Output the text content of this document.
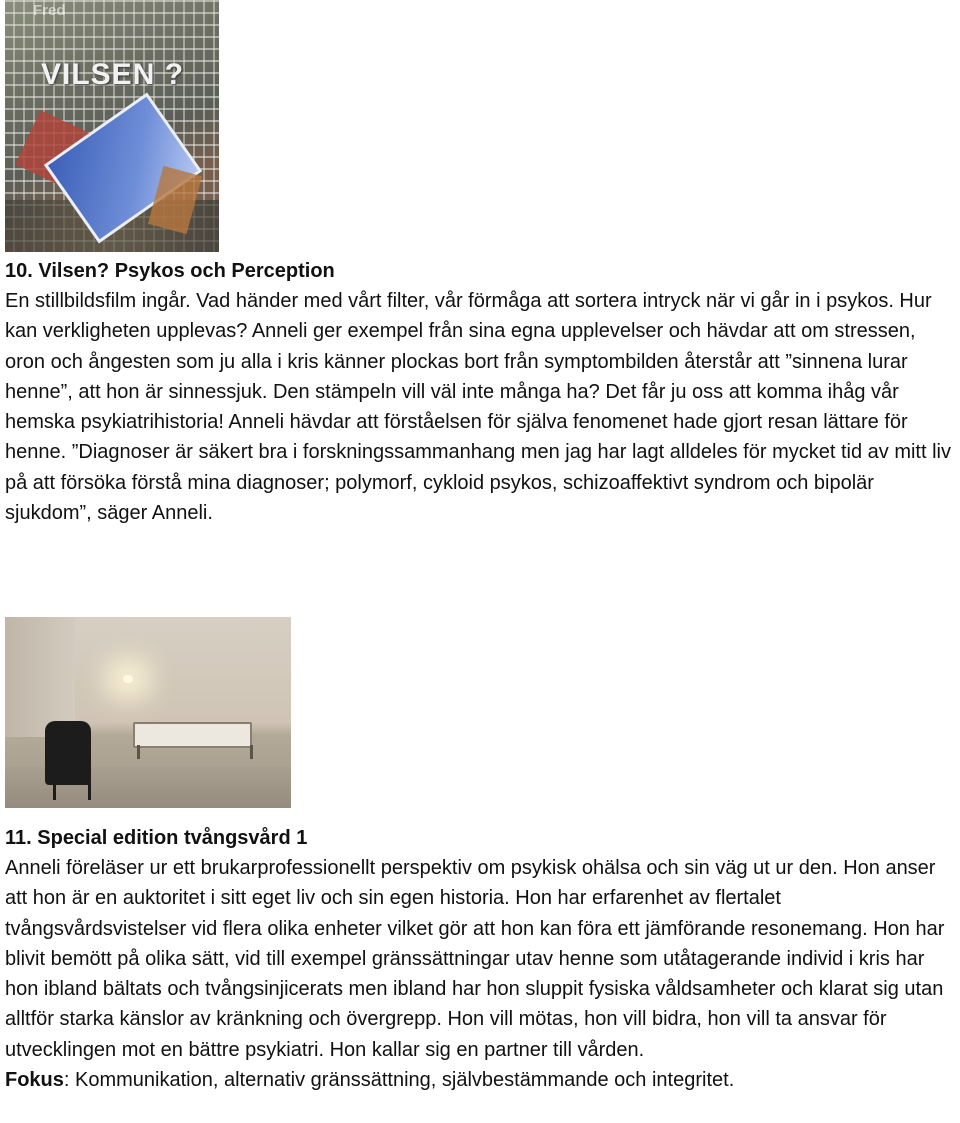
Fred
VILSEN ?

10. Vilsen? Psykos och Perception

En stillbildsfilm ingår. Vad händer med vårt filter, vår förmåga att sortera intryck när vi går in i psykos. Hur kan verkligheten upplevas? Anneli ger exempel från sina egna upplevelser och hävdar att om stressen, oron och ångesten som ju alla i kris känner plockas bort från symptombilden återstår att ”sinnena lurar henne”, att hon är sinnessjuk. Den stämpeln vill väl inte många ha? Det får ju oss att komma ihåg vår hemska psykiatrihistoria! Anneli hävdar att förståelsen för själva fenomenet hade gjort resan lättare för henne. ”Diagnoser är säkert bra i forskningssammanhang men jag har lagt alldeles för mycket tid av mitt liv på att försöka förstå mina diagnoser; polymorf, cykloid psykos, schizoaffektivt syndrom och bipolär sjukdom”, säger Anneli.

11. Special edition tvångsvård 1

Anneli föreläser ur ett brukarprofessionellt perspektiv om psykisk ohälsa och sin väg ut ur den. Hon anser att hon är en auktoritet i sitt eget liv och sin egen historia. Hon har erfarenhet av flertalet tvångsvårdsvistelser vid flera olika enheter vilket gör att hon kan föra ett jämförande resonemang. Hon har blivit bemött på olika sätt, vid till exempel gränssättningar utav henne som utåtagerande individ i kris har hon ibland bältats och tvångsinjicerats men ibland har hon sluppit fysiska våldsamheter och klarat sig utan alltför starka känslor av kränkning och övergrepp. Hon vill mötas, hon vill bidra, hon vill ta ansvar för utvecklingen mot en bättre psykiatri. Hon kallar sig en partner till vården.

Fokus: Kommunikation, alternativ gränssättning, självbestämmande och integritet.
